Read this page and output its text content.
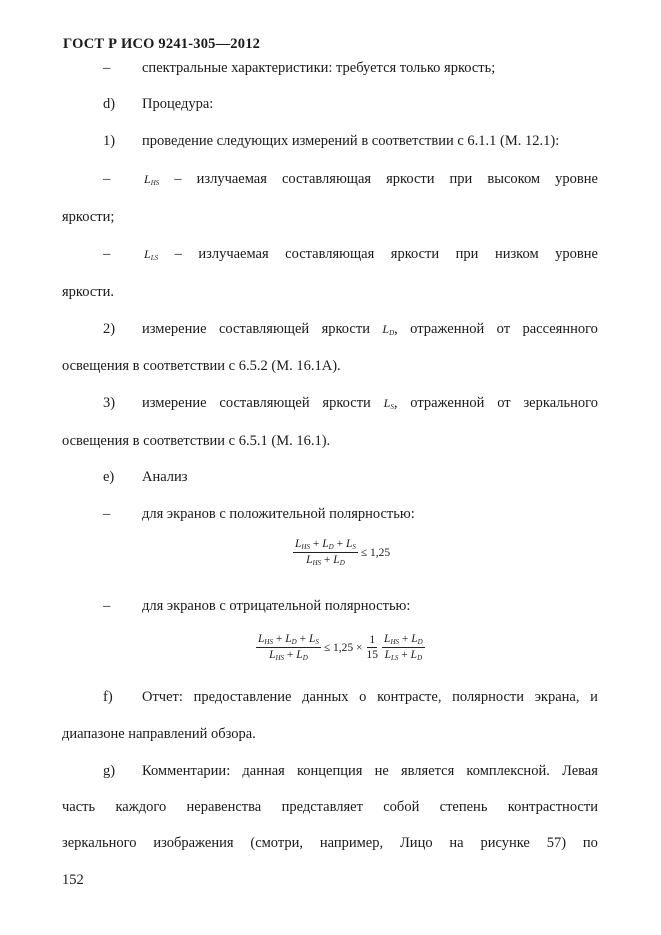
ГОСТ Р ИСО 9241-305—2012
– спектральные характеристики: требуется только яркость;
d) Процедура:
1) проведение следующих измерений в соответствии с 6.1.1 (М. 12.1):
–	$L_{HS}$ – излучаемая составляющая яркости при высоком уровне
яркости;
–	$L_{LS}$ – излучаемая составляющая яркости при низком уровне
яркости.
2) измерение составляющей яркости $L_D$, отраженной от рассеянного
освещения в соответствии с 6.5.2 (М. 16.1А).
3) измерение составляющей яркости $L_S$, отраженной от зеркального
освещения в соответствии с 6.5.1 (М. 16.1).
e) Анализ
– для экранов с положительной полярностью:
$\frac{L_{HS} + L_D + L_S}{L_{HS} + L_D} \le 1,25$
– для экранов с отрицательной полярностью:
$\frac{L_{HS} + L_D + L_S}{L_{HS} + L_D} \le 1,25 \times \frac{1}{15} \frac{L_{HS} + L_D}{L_{LS} + L_D}$
f) Отчет: предоставление данных о контрасте, полярности экрана, и
диапазоне направлений обзора.
g) Комментарии: данная концепция не является комплексной. Левая
часть каждого неравенства представляет собой степень контрастности
зеркального изображения (смотри, например, Лицо на рисунке 57) по
152
